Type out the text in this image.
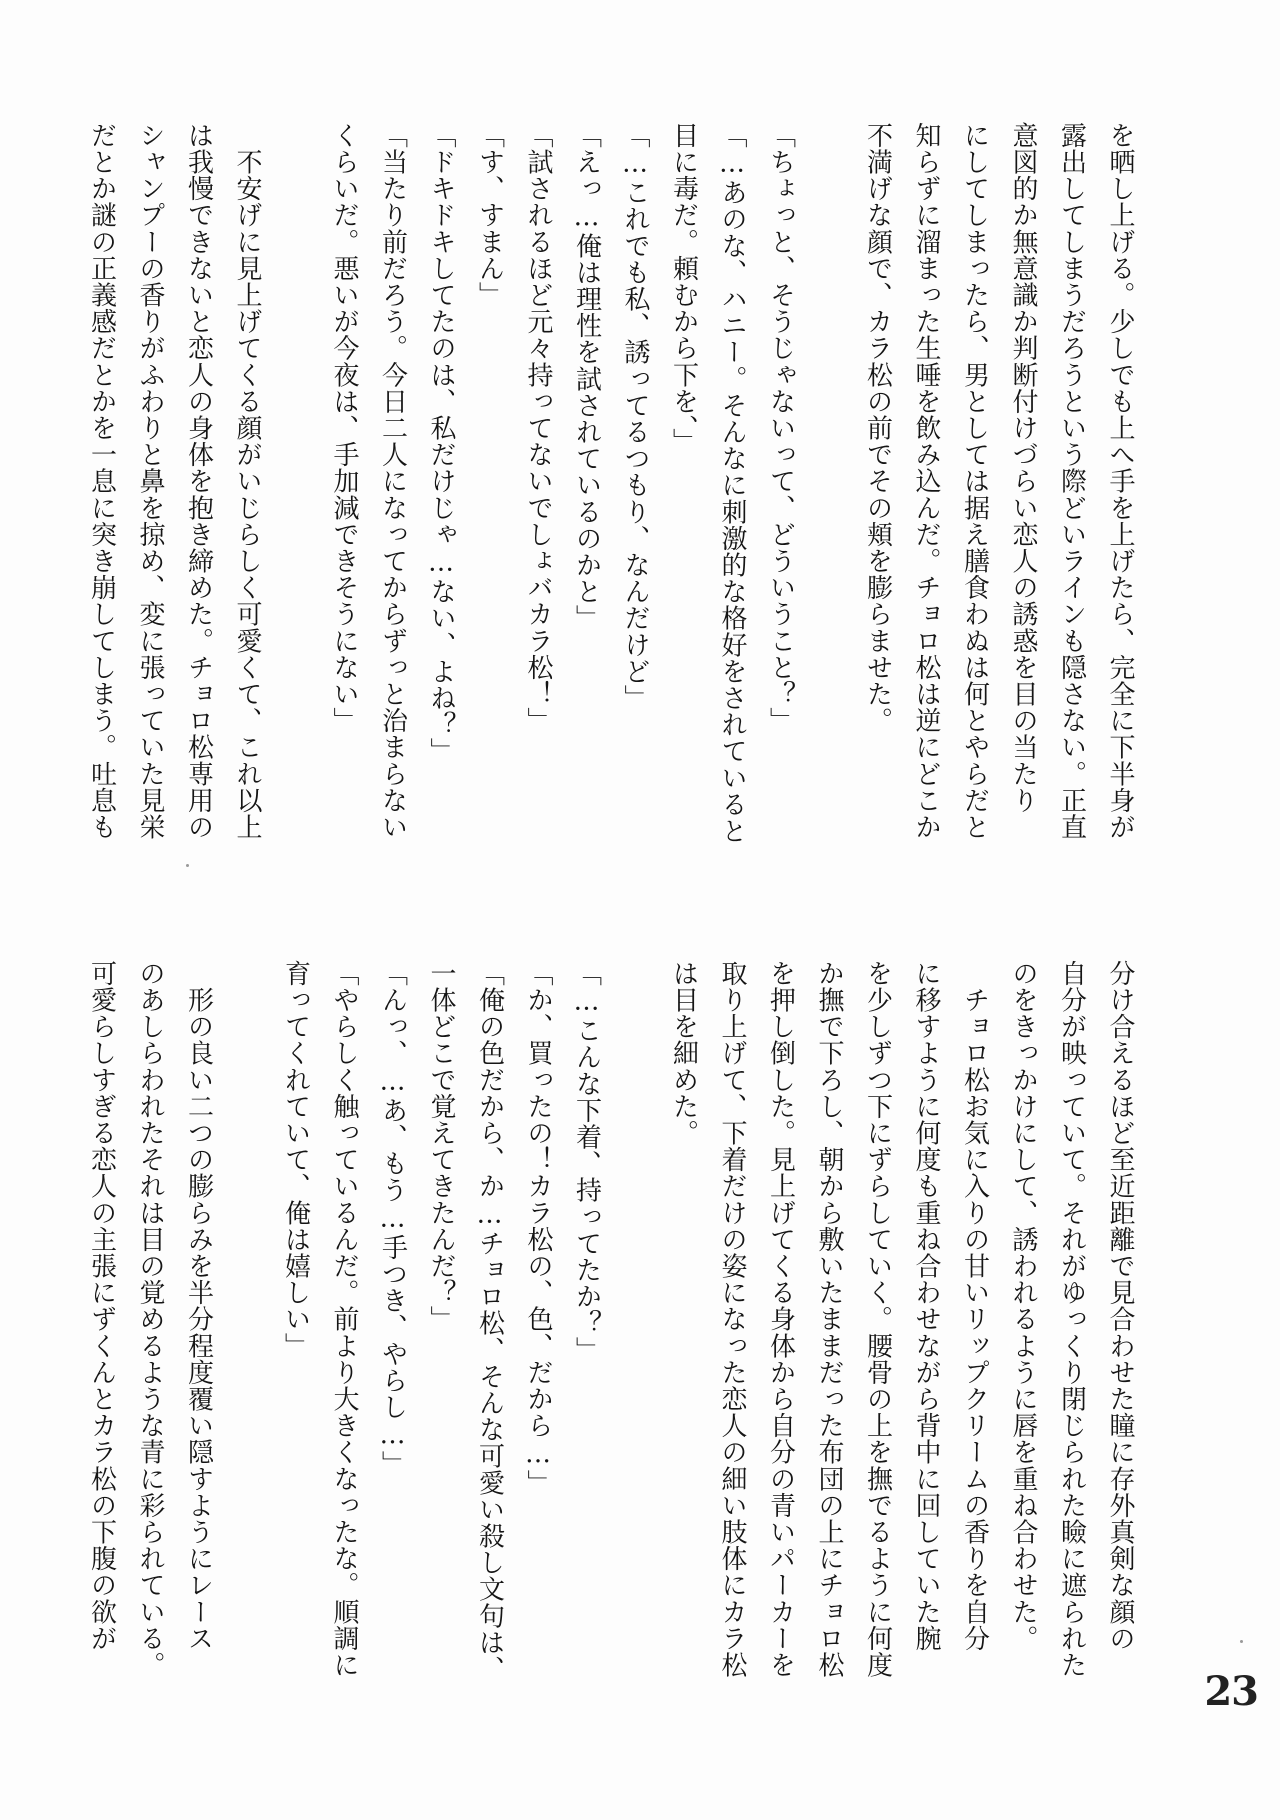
を晒し上げる。少しでも上へ手を上げたら、完全に下半身が
露出してしまうだろうという際どいラインも隠さない。正直
意図的か無意識か判断付けづらい恋人の誘惑を目の当たり
にしてしまったら、男としては据え膳食わぬは何とやらだと
知らずに溜まった生唾を飲み込んだ。チョロ松は逆にどこか
不満げな顔で、カラ松の前でその頬を膨らませた。

「ちょっと、そうじゃないって、どういうこと？」
「…あのな、ハニー。そんなに刺激的な格好をされていると
目に毒だ。頼むから下を、」
「…これでも私、誘ってるつもり、なんだけど」
「えっ…俺は理性を試されているのかと」
「試されるほど元々持ってないでしょバカラ松！」
「す、すまん」
「ドキドキしてたのは、私だけじゃ…ない、よね？」
「当たり前だろう。今日二人になってからずっと治まらない
くらいだ。悪いが今夜は、手加減できそうにない」

　不安げに見上げてくる顔がいじらしく可愛くて、これ以上
は我慢できないと恋人の身体を抱き締めた。チョロ松専用の
シャンプーの香りがふわりと鼻を掠め、変に張っていた見栄
だとか謎の正義感だとかを一息に突き崩してしまう。吐息も
分け合えるほど至近距離で見合わせた瞳に存外真剣な顔の
自分が映っていて。それがゆっくり閉じられた瞼に遮られた
のをきっかけにして、誘われるように唇を重ね合わせた。
　チョロ松お気に入りの甘いリップクリームの香りを自分
に移すように何度も重ね合わせながら背中に回していた腕
を少しずつ下にずらしていく。腰骨の上を撫でるように何度
か撫で下ろし、朝から敷いたままだった布団の上にチョロ松
を押し倒した。見上げてくる身体から自分の青いパーカーを
取り上げて、下着だけの姿になった恋人の細い肢体にカラ松
は目を細めた。

「…こんな下着、持ってたか？」
「か、買ったの！カラ松の、色、だから…」
「俺の色だから、か…チョロ松、そんな可愛い殺し文句は、
一体どこで覚えてきたんだ？」
「んっ、…あ、もう…手つき、やらし…」
「やらしく触っているんだ。前より大きくなったな。順調に
育ってくれていて、俺は嬉しい」

　形の良い二つの膨らみを半分程度覆い隠すようにレース
のあしらわれたそれは目の覚めるような青に彩られている。
可愛らしすぎる恋人の主張にずくんとカラ松の下腹の欲が
23
